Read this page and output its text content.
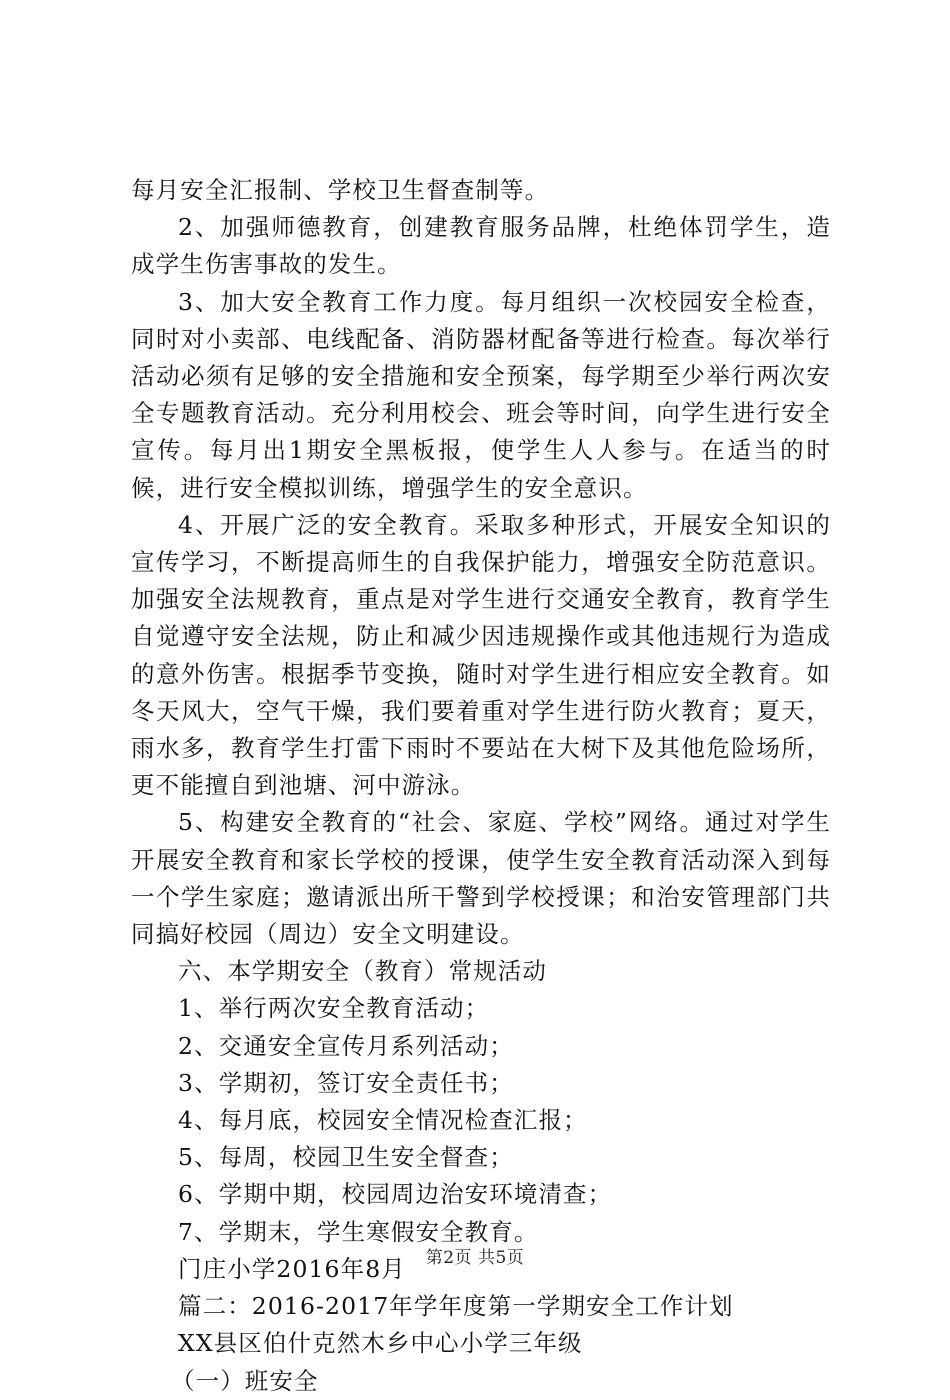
每月安全汇报制、学校卫生督查制等。

2、加强师德教育，创建教育服务品牌，杜绝体罚学生，造成学生伤害事故的发生。

3、加大安全教育工作力度。每月组织一次校园安全检查，同时对小卖部、电线配备、消防器材配备等进行检查。每次举行活动必须有足够的安全措施和安全预案，每学期至少举行两次安全专题教育活动。充分利用校会、班会等时间，向学生进行安全宣传。每月出1期安全黑板报，使学生人人参与。在适当的时候，进行安全模拟训练，增强学生的安全意识。

4、开展广泛的安全教育。采取多种形式，开展安全知识的宣传学习，不断提高师生的自我保护能力，增强安全防范意识。加强安全法规教育，重点是对学生进行交通安全教育，教育学生自觉遵守安全法规，防止和减少因违规操作或其他违规行为造成的意外伤害。根据季节变换，随时对学生进行相应安全教育。如冬天风大，空气干燥，我们要着重对学生进行防火教育；夏天，雨水多，教育学生打雷下雨时不要站在大树下及其他危险场所，更不能擅自到池塘、河中游泳。

5、构建安全教育的“社会、家庭、学校”网络。通过对学生开展安全教育和家长学校的授课，使学生安全教育活动深入到每一个学生家庭；邀请派出所干警到学校授课；和治安管理部门共同搞好校园（周边）安全文明建设。

六、本学期安全（教育）常规活动

1、举行两次安全教育活动；

2、交通安全宣传月系列活动；

3、学期初，签订安全责任书；

4、每月底，校园安全情况检查汇报；

5、每周，校园卫生安全督查；

6、学期中期，校园周边治安环境清查；

7、学期末，学生寒假安全教育。

门庄小学2016年8月

篇二：2016-2017年学年度第一学期安全工作计划

XX县区伯什克然木乡中心小学三年级

（一）班安全

第2页 共5页
